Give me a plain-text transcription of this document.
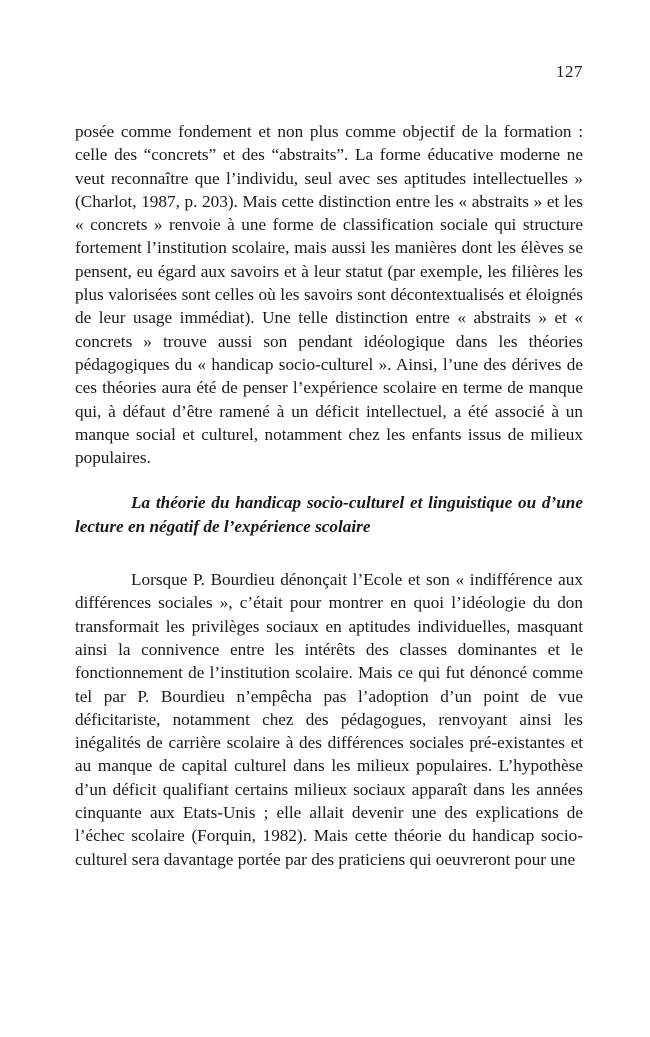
127

posée comme fondement et non plus comme objectif de la formation : celle des “concrets” et des “abstraits”. La forme éducative moderne ne veut reconnaître que l’individu, seul avec ses aptitudes intellectuelles » (Charlot, 1987, p. 203). Mais cette distinction entre les « abstraits » et les « concrets » renvoie à une forme de classification sociale qui structure fortement l’institution scolaire, mais aussi les manières dont les élèves se pensent, eu égard aux savoirs et à leur statut (par exemple, les filières les plus valorisées sont celles où les savoirs sont décontextualisés et éloignés de leur usage immédiat). Une telle distinction entre « abstraits » et « concrets » trouve aussi son pendant idéologique dans les théories pédagogiques du « handicap socio-culturel ». Ainsi, l’une des dérives de ces théories aura été de penser l’expérience scolaire en terme de manque qui, à défaut d’être ramené à un déficit intellectuel, a été associé à un manque social et culturel, notamment chez les enfants issus de milieux populaires.

La théorie du handicap socio-culturel et linguistique ou d’une lecture en négatif de l’expérience scolaire

Lorsque P. Bourdieu dénonçait l’Ecole et son « indifférence aux différences sociales », c’était pour montrer en quoi l’idéologie du don transformait les privilèges sociaux en aptitudes individuelles, masquant ainsi la connivence entre les intérêts des classes dominantes et le fonctionnement de l’institution scolaire. Mais ce qui fut dénoncé comme tel par P. Bourdieu n’empêcha pas l’adoption d’un point de vue déficitariste, notamment chez des pédagogues, renvoyant ainsi les inégalités de carrière scolaire à des différences sociales pré-existantes et au manque de capital culturel dans les milieux populaires. L’hypothèse d’un déficit qualifiant certains milieux sociaux apparaît dans les années cinquante aux Etats-Unis ; elle allait devenir une des explications de l’échec scolaire (Forquin, 1982). Mais cette théorie du handicap socio-culturel sera davantage portée par des praticiens qui oeuvreront pour une
